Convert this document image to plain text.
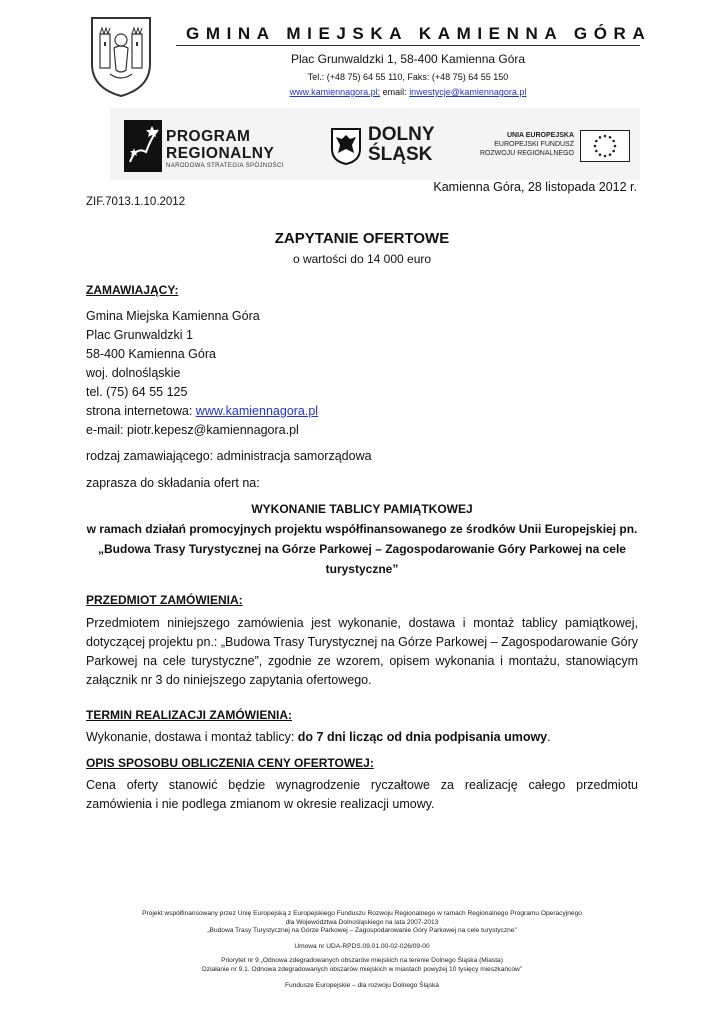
GMINA MIEJSKA KAMIENNA GÓRA
Plac Grunwaldzki 1, 58-400 Kamienna Góra
Tel.: (+48 75) 64 55 110, Faks: (+48 75) 64 55 150
www.kamiennagora.pl; email: inwestycje@kamiennagora.pl
PROGRAM
REGIONALNY
NARODOWA STRATEGIA SPÓJNOŚCI
DOLNY
ŚLĄSK
UNIA EUROPEJSKA
EUROPEJSKI FUNDUSZ
ROZWOJU REGIONALNEGO
Kamienna Góra, 28 listopada 2012 r.
ZIF.7013.1.10.2012
ZAPYTANIE OFERTOWE
o wartości do 14 000 euro
ZAMAWIAJĄCY:
Gmina Miejska Kamienna Góra
Plac Grunwaldzki 1
58-400 Kamienna Góra
woj. dolnośląskie
tel. (75) 64 55 125
strona internetowa: www.kamiennagora.pl
e-mail: piotr.kepesz@kamiennagora.pl
rodzaj zamawiającego: administracja samorządowa
zaprasza do składania ofert na:
WYKONANIE TABLICY PAMIĄTKOWEJ
w ramach działań promocyjnych projektu współfinansowanego ze środków Unii Europejskiej pn.
„Budowa Trasy Turystycznej na Górze Parkowej – Zagospodarowanie Góry Parkowej na cele
turystyczne”
PRZEDMIOT ZAMÓWIENIA:
Przedmiotem niniejszego zamówienia jest wykonanie, dostawa i montaż tablicy pamiątkowej, dotyczącej projektu pn.: „Budowa Trasy Turystycznej na Górze Parkowej – Zagospodarowanie Góry Parkowej na cele turystyczne”, zgodnie ze wzorem, opisem wykonania i montażu, stanowiącym załącznik nr 3 do niniejszego zapytania ofertowego.
TERMIN REALIZACJI ZAMÓWIENIA:
Wykonanie, dostawa i montaż tablicy: do 7 dni licząc od dnia podpisania umowy.
OPIS SPOSOBU OBLICZENIA CENY OFERTOWEJ:
Cena oferty stanowić będzie wynagrodzenie ryczałtowe za realizację całego przedmiotu zamówienia i nie podlega zmianom w okresie realizacji umowy.
Projekt współfinansowany przez Unię Europejską z Europejskiego Funduszu Rozwoju Regionalnego w ramach Regionalnego Programu Operacyjnego
dla Województwa Dolnośląskiego na lata 2007-2013
„Budowa Trasy Turystycznej na Górze Parkowej – Zagospodarowanie Góry Parkowej na cele turystyczne”
Umowa nr UDA-RPDS.09.01.00-02-026/09-00
Priorytet nr 9 „Odnowa zdegradowanych obszarów miejskich na terenie Dolnego Śląska (Miasta)
Działanie nr 9.1. Odnowa zdegradowanych obszarów miejskich w miastach powyżej 10 tysięcy mieszkańców”
Fundusze Europejskie – dla rozwoju Dolnego Śląska
